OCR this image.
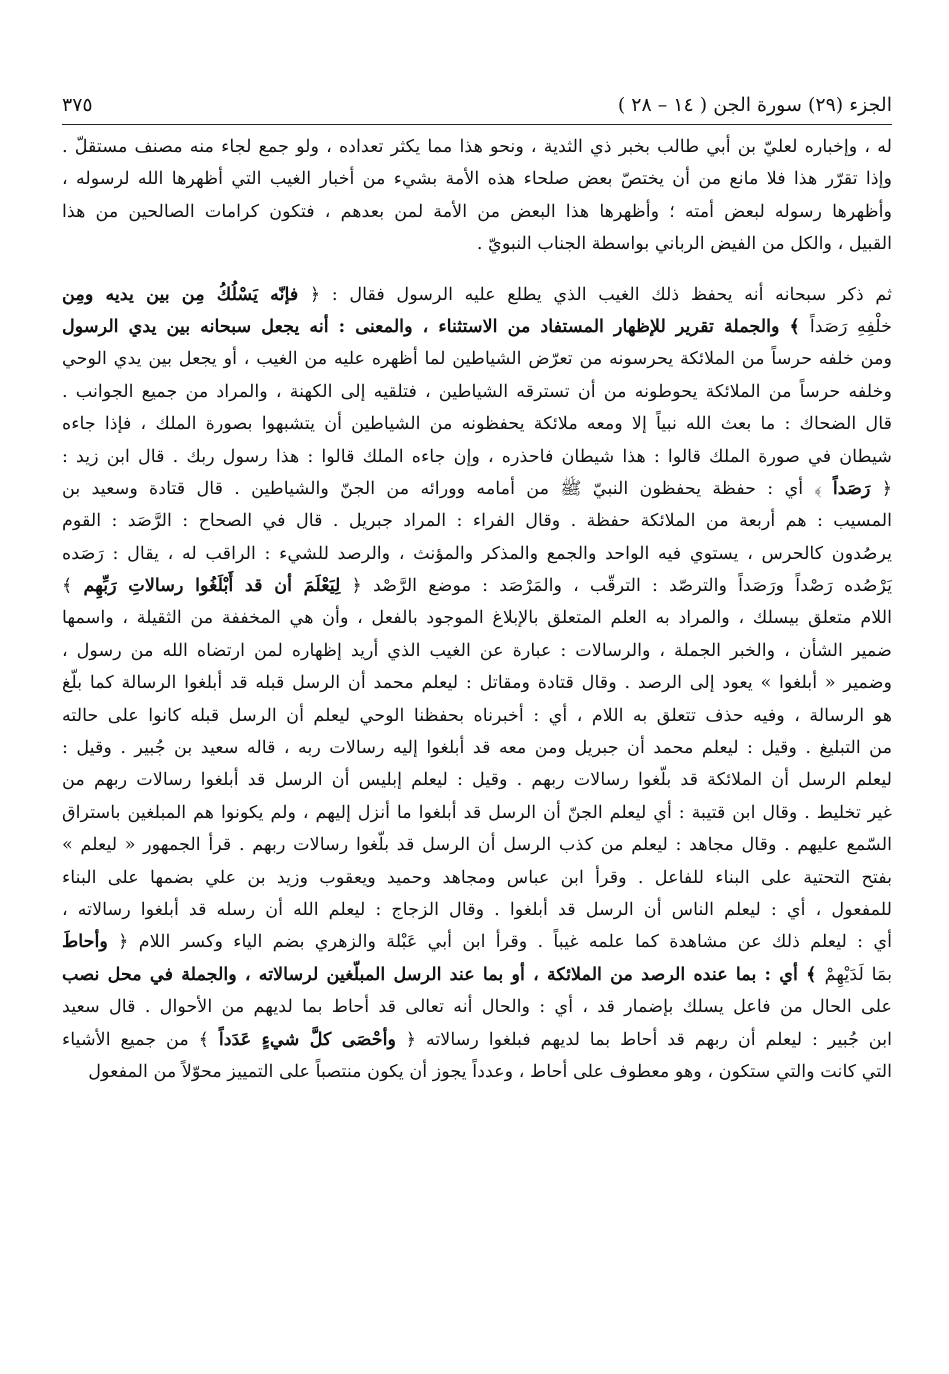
الجزء (٢٩) سورة الجن ( ١٤ – ٢٨ )
٣٧٥
له ، وإخباره لعليّ بن أبي طالب بخبر ذي الثدية ، ونحو هذا مما يكثر تعداده ، ولو جمع لجاء منه مصنف مستقلّ .
وإذا تقرّر هذا فلا مانع من أن يختصّ بعض صلحاء هذه الأمة بشيء من أخبار الغيب التي أظهرها الله لرسوله ،
وأظهرها رسوله لبعض أمته ؛ وأظهرها هذا البعض من الأمة لمن بعدهم ، فتكون كرامات الصالحين من هذا
القبيل ، والكل من الفيض الرباني بواسطة الجناب النبويّ .
ثم ذكر سبحانه أنه يحفظ ذلك الغيب الذي يطلع عليه الرسول فقال : ﴿ فإنّه يَسْلُكُ مِن بين يديه ومِن
خلْفِهِ رَصَداً ﴾ والجملة تقرير للإظهار المستفاد من الاستثناء ، والمعنى : أنه يجعل سبحانه بين يدي الرسول
ومن خلفه حرساً من الملائكة يحرسونه من تعرّض الشياطين لما أظهره عليه من الغيب ، أو يجعل بين يدي الوحي
وخلفه حرساً من الملائكة يحوطونه من أن تسترقه الشياطين ، فتلقيه إلى الكهنة ، والمراد من جميع الجوانب .
قال الضحاك : ما بعث الله نبياً إلا ومعه ملائكة يحفظونه من الشياطين أن يتشبهوا بصورة الملك ، فإذا جاءه
شيطان في صورة الملك قالوا : هذا شيطان فاحذره ، وإن جاءه الملك قالوا : هذا رسول ربك . قال ابن زيد :
﴿ رَصَداً ﴾ أي : حفظة يحفظون النبيّ ﷺ من أمامه وورائه من الجنّ والشياطين . قال قتادة وسعيد بن
المسيب : هم أربعة من الملائكة حفظة . وقال الفراء : المراد جبريل . قال في الصحاح : الرَّصَد : القوم
يرصُدون كالحرس ، يستوي فيه الواحد والجمع والمذكر والمؤنث ، والرصد للشيء : الراقب له ، يقال : رَصَده
يَرْصُده رَصْداً ورَصَداً والترصّد : الترقّب ، والمَرْصَد : موضع الرَّصْد ﴿ لِيَعْلَمَ أن قد أَبْلَغُوا رسالاتِ رَبِّهِم ﴾
اللام متعلق بيسلك ، والمراد به العلم المتعلق بالإبلاغ الموجود بالفعل ، وأن هي المخففة من الثقيلة ، واسمها
ضمير الشأن ، والخبر الجملة ، والرسالات : عبارة عن الغيب الذي أريد إظهاره لمن ارتضاه الله من رسول ،
وضمير « أبلغوا » يعود إلى الرصد . وقال قتادة ومقاتل : ليعلم محمد أن الرسل قبله قد أبلغوا الرسالة كما بلّغ
هو الرسالة ، وفيه حذف تتعلق به اللام ، أي : أخبرناه بحفظنا الوحي ليعلم أن الرسل قبله كانوا على حالته
من التبليغ . وقيل : ليعلم محمد أن جبريل ومن معه قد أبلغوا إليه رسالات ربه ، قاله سعيد بن جُبير . وقيل :
ليعلم الرسل أن الملائكة قد بلّغوا رسالات ربهم . وقيل : ليعلم إبليس أن الرسل قد أبلغوا رسالات ربهم من
غير تخليط . وقال ابن قتيبة : أي ليعلم الجنّ أن الرسل قد أبلغوا ما أنزل إليهم ، ولم يكونوا هم المبلغين باستراق
السّمع عليهم . وقال مجاهد : ليعلم من كذب الرسل أن الرسل قد بلّغوا رسالات ربهم . قرأ الجمهور « ليعلم »
بفتح التحتية على البناء للفاعل . وقرأ ابن عباس ومجاهد وحميد ويعقوب وزيد بن علي بضمها على البناء
للمفعول ، أي : ليعلم الناس أن الرسل قد أبلغوا . وقال الزجاج : ليعلم الله أن رسله قد أبلغوا رسالاته ،
أي : ليعلم ذلك عن مشاهدة كما علمه غيباً . وقرأ ابن أبي عَبْلة والزهري بضم الياء وكسر اللام ﴿ وأحاطَ
بمَا لَدَيْهِمْ ﴾ أي : بما عنده الرصد من الملائكة ، أو بما عند الرسل المبلّغين لرسالاته ، والجملة في محل نصب
على الحال من فاعل يسلك بإضمار قد ، أي : والحال أنه تعالى قد أحاط بما لديهم من الأحوال . قال سعيد
ابن جُبير : ليعلم أن ربهم قد أحاط بما لديهم فبلغوا رسالاته ﴿ وأحْصَى كلَّ شيءٍ عَدَداً ﴾ من جميع الأشياء
التي كانت والتي ستكون ، وهو معطوف على أحاط ، وعدداً يجوز أن يكون منتصباً على التمييز محوّلاً من المفعول
